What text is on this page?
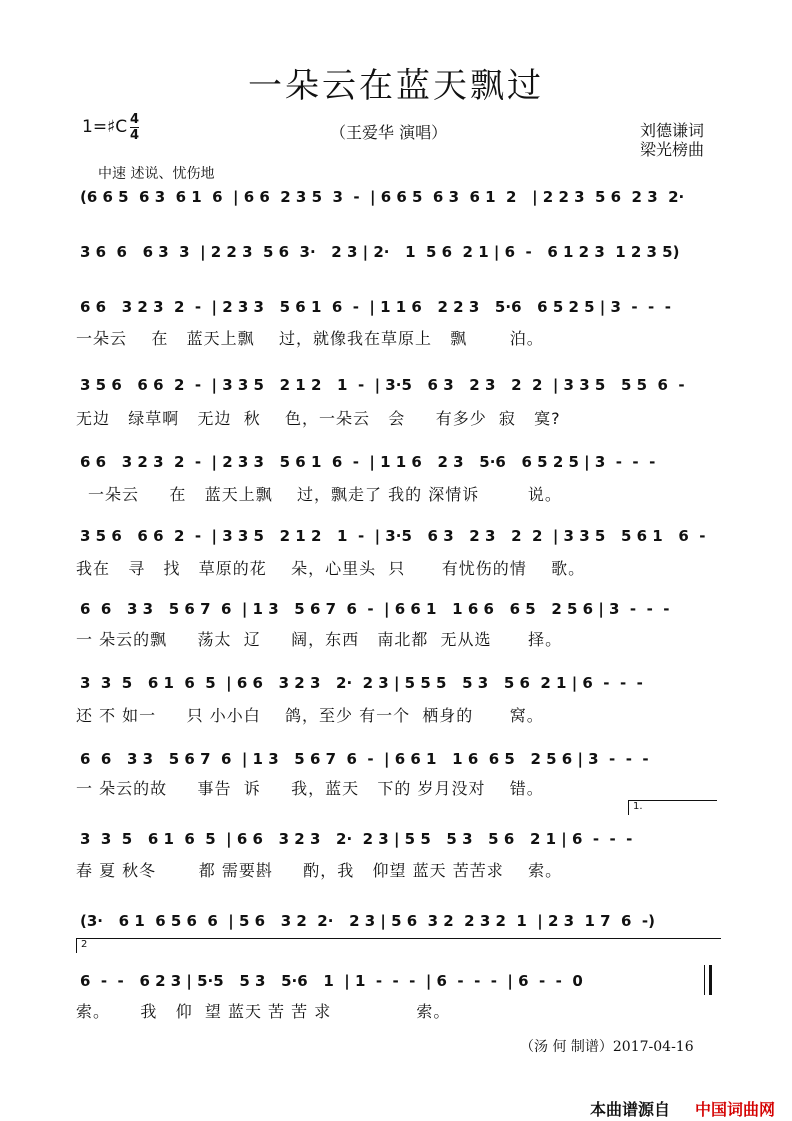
一朵云在蓝天飘过
1=♯C 4
4	（王爱华 演唱）	刘德谦词
梁光榜曲
中速 述说、忧伤地
(6 6 5  6 3  6 1  6  | 6 6  2 3 5  3  -  | 6 6 5  6 3  6 1  2   | 2 2 3  5 6  2 3  2·
3 6  6   6 3  3  | 2 2 3  5 6  3·   2 3 | 2·   1  5 6  2 1 | 6  -   6 1 2 3  1 2 3 5)
6 6   3 2 3  2  -  | 2 3 3   5 6 1  6  -  | 1 1 6   2 2 3   5·6   6 5 2 5 | 3  -  -  -
一朵云    在   蓝天上飘    过，就像我在草原上   飘       泊。
3 5 6   6 6  2  -  | 3 3 5   2 1 2   1  -  | 3·5   6 3   2 3   2  2  | 3 3 5   5 5  6  -
无边   绿草啊   无边  秋    色，一朵云   会     有多少  寂   寞?
6 6   3 2 3  2  -  | 2 3 3   5 6 1  6  -  | 1 1 6   2 3   5·6   6 5 2 5 | 3  -  -  -
一朵云     在   蓝天上飘    过，飘走了 我的 深情诉        说。
3 5 6   6 6  2  -  | 3 3 5   2 1 2   1  -  | 3·5   6 3   2 3   2  2  | 3 3 5   5 6 1   6  -
我在   寻   找   草原的花    朵，心里头  只      有忧伤的情    歌。
6  6   3 3   5 6 7  6  | 1 3   5 6 7  6  -  | 6 6 1   1 6 6   6 5   2 5 6 | 3  -  -  -
一 朵云的飘     荡太  辽     阔，东西   南北都  无从选      择。
3  3  5   6 1  6  5  | 6 6   3 2 3   2·  2 3 | 5 5 5   5 3   5 6  2 1 | 6  -  -  -
还 不 如一     只 小小白    鸽，至少 有一个  栖身的      窝。
6  6   3 3   5 6 7  6  | 1 3   5 6 7  6  -  | 6 6 1   1 6  6 5   2 5 6 | 3  -  -  -
一 朵云的故     事告  诉     我，蓝天   下的 岁月没对    错。
1.
3  3  5   6 1  6  5  | 6 6   3 2 3   2·  2 3 | 5 5   5 3   5 6   2 1 | 6  -  -  -
春 夏 秋冬       都 需要斟     酌，我   仰望 蓝天 苦苦求    索。
(3·   6 1  6 5 6  6  | 5 6   3 2  2·   2 3 | 5 6  3 2  2 3 2  1  | 2 3  1 7  6  -)
2
6  -  -   6 2 3 | 5·5   5 3   5·6   1  | 1  -  -  -  | 6  -  -  -  | 6  -  -  0
索。     我   仰  望 蓝天 苦 苦 求              索。
（汤 何 制谱）2017-04-16
本曲谱源自 中国词曲网
